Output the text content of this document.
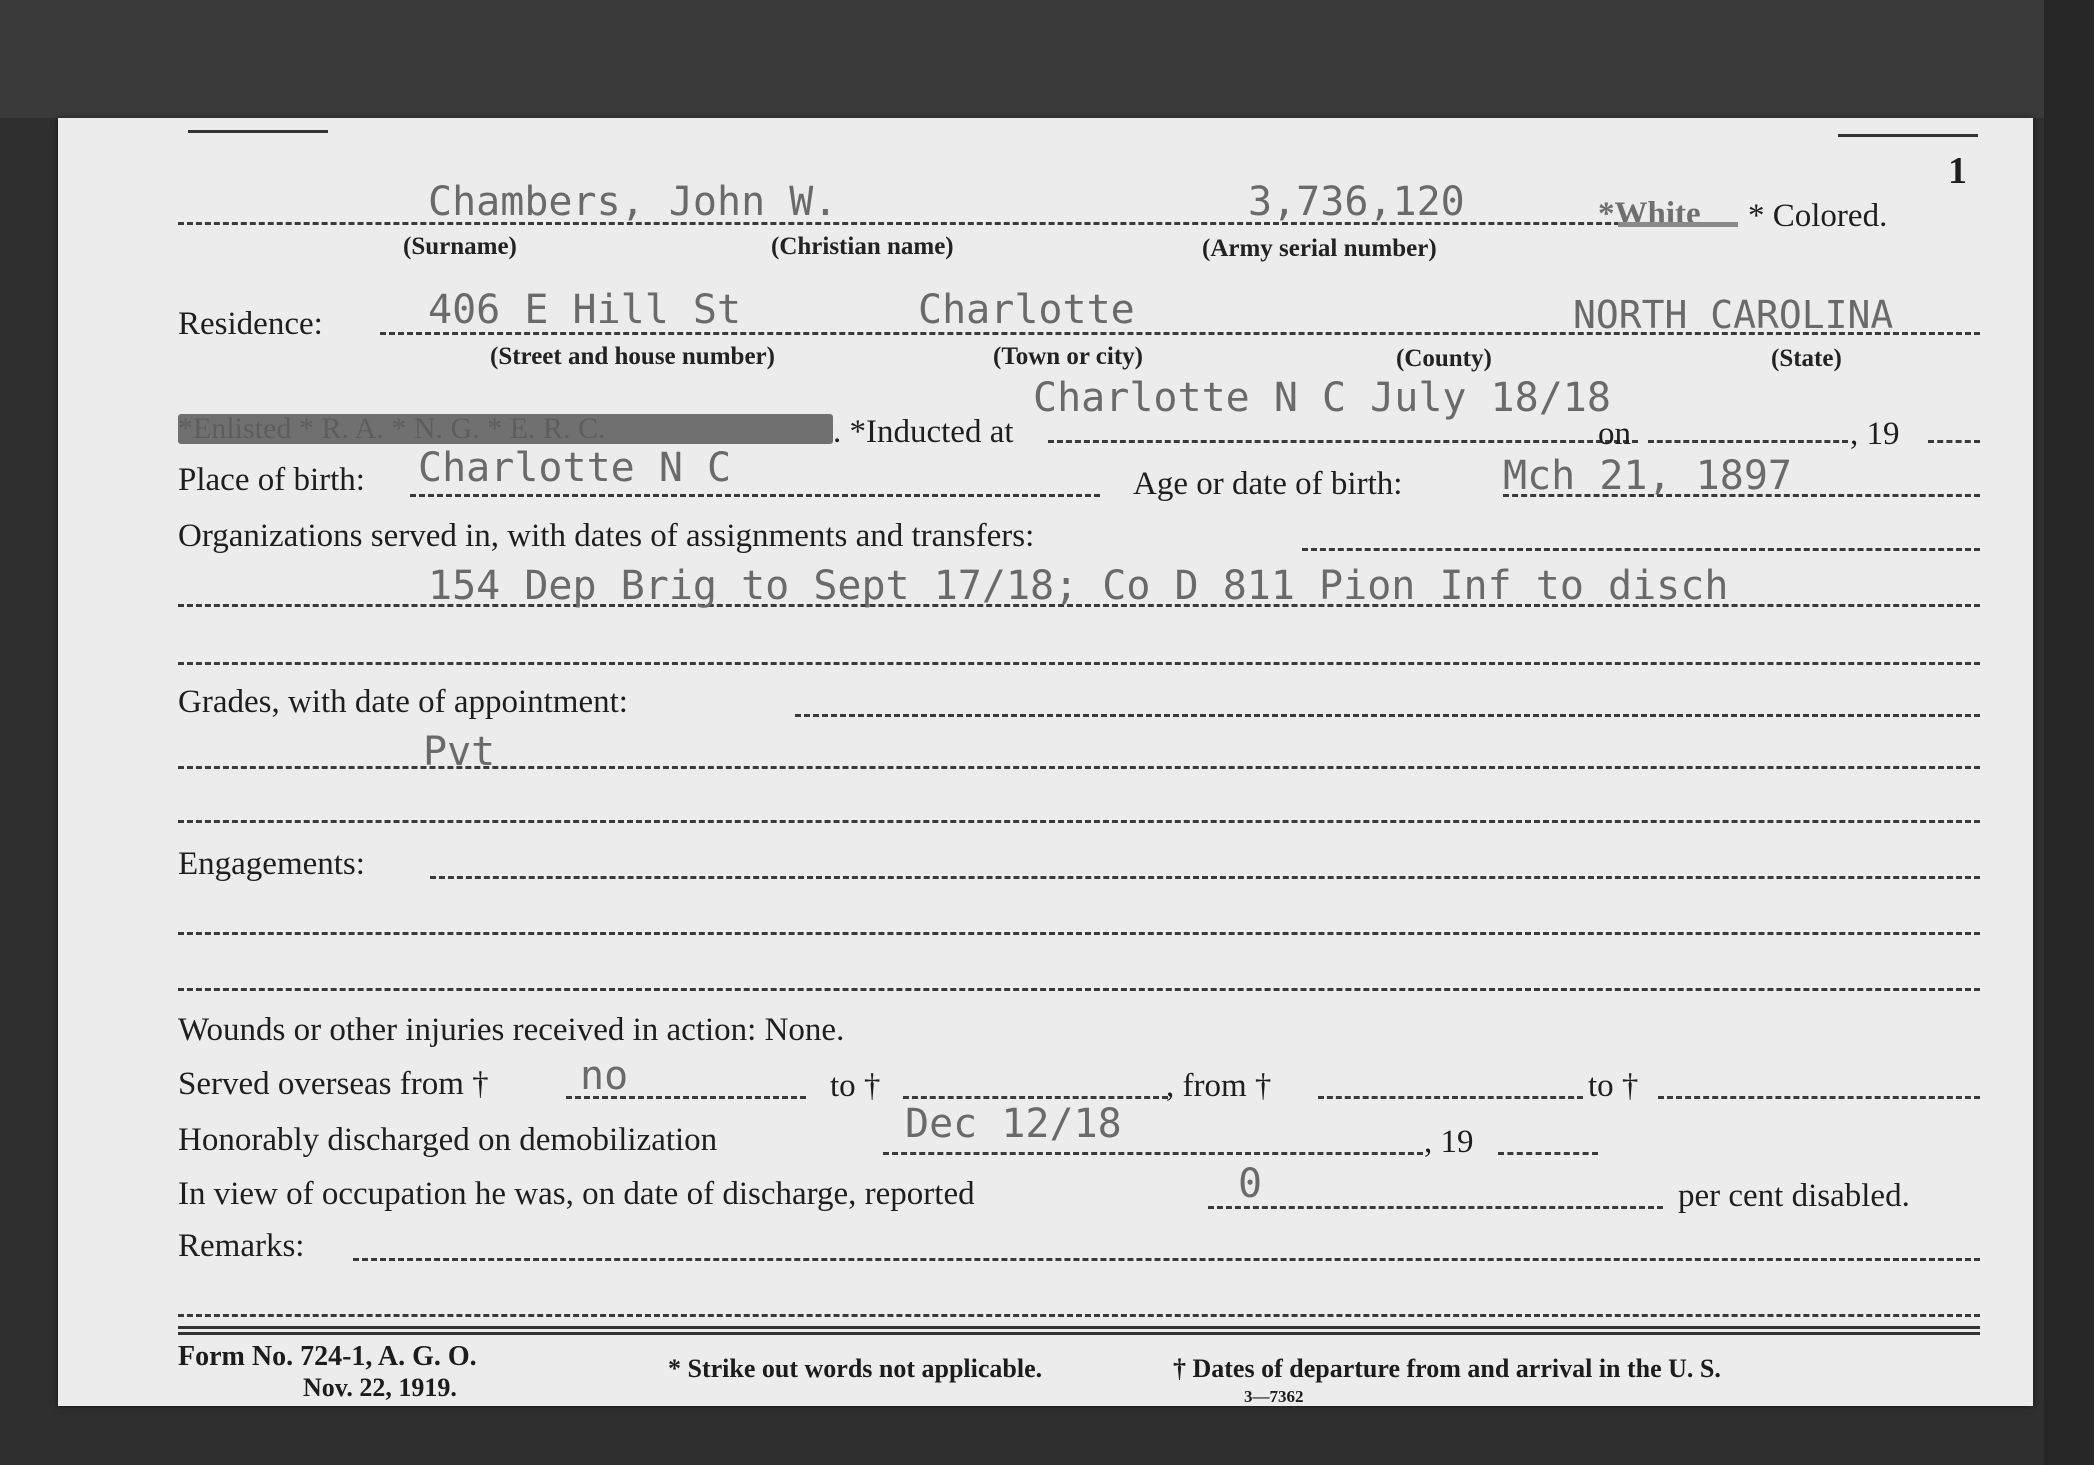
1
Chambers, John W.	3,736,120	*White * Colored.
(Surname)	(Christian name)	(Army serial number)
Residence:	406 E Hill St	Charlotte	NORTH CAROLINA
(Street and house number)	(Town or city)	(County)	(State)
. *Inducted at
Charlotte N C July 18/18
on	, 19
Place of birth: Charlotte N C	Age or date of birth:	Mch 21, 1897
Organizations served in, with dates of assignments and transfers:
154 Dep Brig to Sept 17/18; Co D 811 Pion Inf to disch
Grades, with date of appointment:
Pvt
Engagements:
Wounds or other injuries received in action: None.
Served overseas from † no	to †	, from †	to †
Honorably discharged on demobilization	Dec 12/18	, 19
In view of occupation he was, on date of discharge, reported	0	per cent disabled.
Remarks:
Form No. 724-1, A. G. O.
Nov. 22, 1919.
* Strike out words not applicable.	† Dates of departure from and arrival in the U. S.
3—7362
